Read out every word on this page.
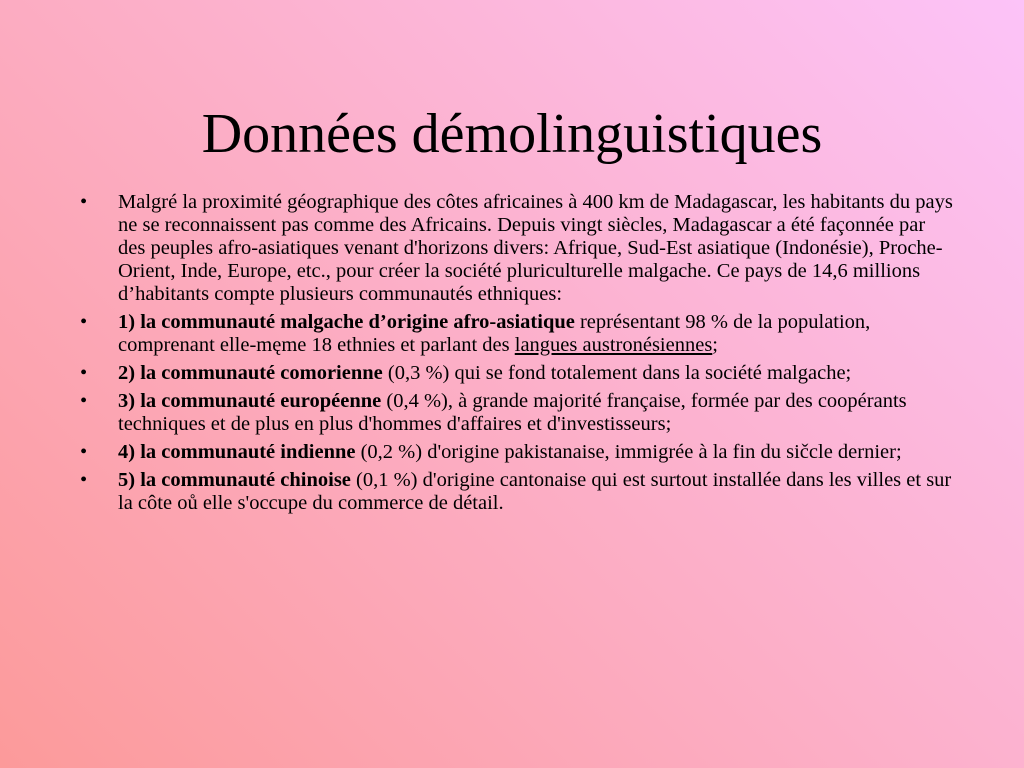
Données démolinguistiques
•	Malgré la proximité géographique des côtes africaines à 400 km de Madagascar, les habitants du pays ne se reconnaissent pas comme des Africains. Depuis vingt siècles, Madagascar a été façonnée par des peuples afro-asiatiques venant d'horizons divers: Afrique, Sud-Est asiatique (Indonésie), Proche-Orient, Inde, Europe, etc., pour créer la société pluriculturelle malgache. Ce pays de 14,6 millions d’habitants compte plusieurs communautés ethniques:
•	1) la communauté malgache d’origine afro-asiatique représentant 98 % de la population, comprenant elle-męme 18 ethnies et parlant des langues austronésiennes;
•	2) la communauté comorienne (0,3 %) qui se fond totalement dans la société malgache;
•	3) la communauté européenne (0,4 %), à grande majorité française, formée par des coopérants techniques et de plus en plus d'hommes d'affaires et d'investisseurs;
•	4) la communauté indienne (0,2 %) d'origine pakistanaise, immigrée à la fin du sičcle dernier;
•	5) la communauté chinoise (0,1 %) d'origine cantonaise qui est surtout installée dans les villes et sur la côte oů elle s'occupe du commerce de détail.
